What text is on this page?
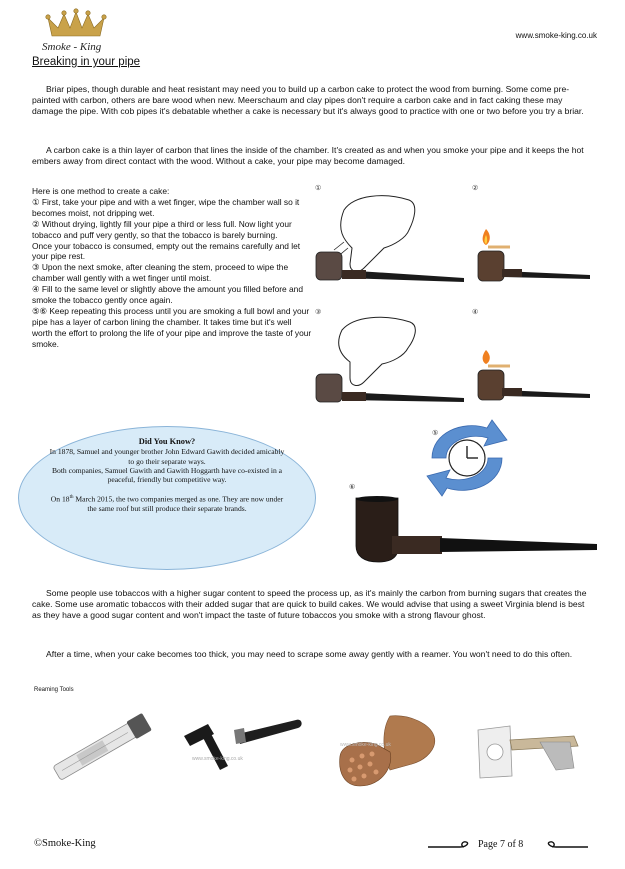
Smoke - King
www.smoke-king.co.uk
Breaking in your pipe
Briar pipes, though durable and heat resistant may need you to build up a carbon cake to protect the wood from burning. Some come pre-painted with carbon, others are bare wood when new. Meerschaum and clay pipes don't require a carbon cake and in fact caking these may damage the pipe. With cob pipes it's debatable whether a cake is necessary but it's always good to practice with one or two before you try a briar.
A carbon cake is a thin layer of carbon that lines the inside of the chamber. It's created as and when you smoke your pipe and it keeps the hot embers away from direct contact with the wood. Without a cake, your pipe may become damaged.
Here is one method to create a cake:
① First, take your pipe and with a wet finger, wipe the chamber wall so it becomes moist, not dripping wet.
② Without drying, lightly fill your pipe a third or less full. Now light your tobacco and puff very gently, so that the tobacco is barely burning.
Once your tobacco is consumed, empty out the remains carefully and let your pipe rest.
③ Upon the next smoke, after cleaning the stem, proceed to wipe the chamber wall gently with a wet finger until moist.
④ Fill to the same level or slightly above the amount you filled before and smoke the tobacco gently once again.
⑤⑥ Keep repeating this process until you are smoking a full bowl and your pipe has a layer of carbon lining the chamber. It takes time but it's well worth the effort to prolong the life of your pipe and improve the taste of your smoke.
①	②
③	④
⑤
⑥
Did You Know?
In 1878, Samuel and younger brother John Edward Gawith decided amicably to go their separate ways.
Both companies, Samuel Gawith and Gawith Hoggarth have co-existed in a peaceful, friendly but competitive way.
On 18th March 2015, the two companies merged as one. They are now under the same roof but still produce their separate brands.
Some people use tobaccos with a higher sugar content to speed the process up, as it's mainly the carbon from burning sugars that creates the cake. Some use aromatic tobaccos with their added sugar that are quick to build cakes. We would advise that using a sweet Virginia blend is best as they have a good sugar content and won't impact the taste of future tobaccos you smoke with a strong flavour ghost.
After a time, when your cake becomes too thick, you may need to scrape some away gently with a reamer. You won't need to do this often.
Reaming Tools
www.smoke-king.co.uk
www.smoke-king.co.uk
©Smoke-King	Page 7 of 8
